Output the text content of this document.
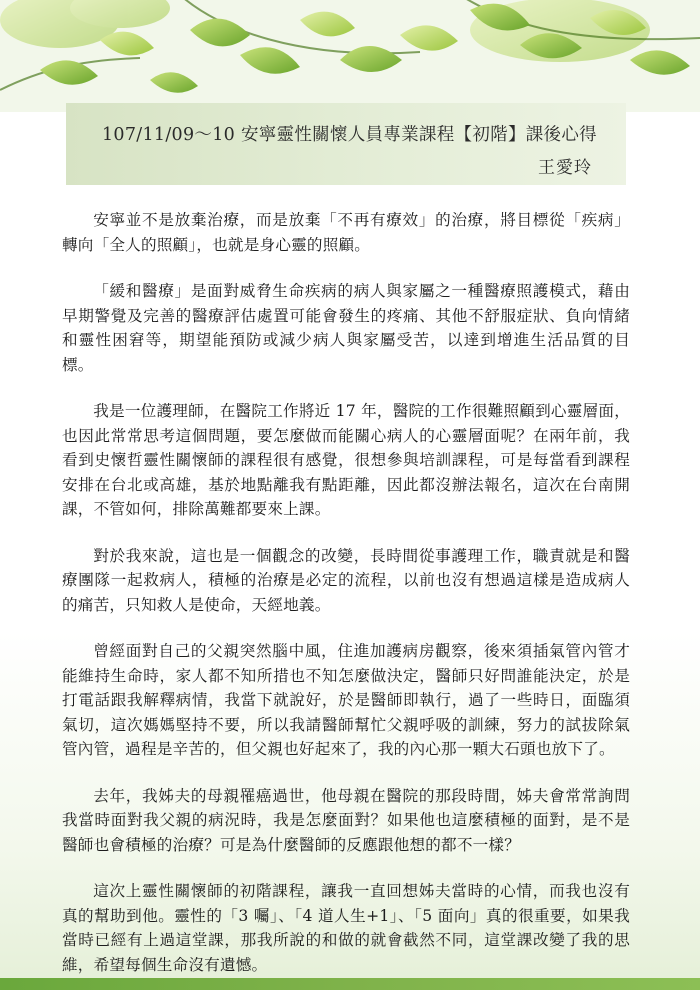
107/11/09～10 安寧靈性關懷人員專業課程【初階】課後心得
王愛玲

安寧並不是放棄治療，而是放棄「不再有療效」的治療，將目標從「疾病」轉向「全人的照顧」，也就是身心靈的照顧。

「緩和醫療」是面對威脅生命疾病的病人與家屬之一種醫療照護模式，藉由早期警覺及完善的醫療評估處置可能會發生的疼痛、其他不舒服症狀、負向情緒和靈性困窘等，期望能預防或減少病人與家屬受苦，以達到增進生活品質的目標。

我是一位護理師，在醫院工作將近 17 年，醫院的工作很難照顧到心靈層面，也因此常常思考這個問題，要怎麼做而能關心病人的心靈層面呢？在兩年前，我看到史懷哲靈性關懷師的課程很有感覺，很想參與培訓課程，可是每當看到課程安排在台北或高雄，基於地點離我有點距離，因此都沒辦法報名，這次在台南開課，不管如何，排除萬難都要來上課。

對於我來說，這也是一個觀念的改變，長時間從事護理工作，職責就是和醫療團隊一起救病人，積極的治療是必定的流程，以前也沒有想過這樣是造成病人的痛苦，只知救人是使命，天經地義。

曾經面對自己的父親突然腦中風，住進加護病房觀察，後來須插氣管內管才能維持生命時，家人都不知所措也不知怎麼做決定，醫師只好問誰能決定，於是打電話跟我解釋病情，我當下就說好，於是醫師即執行，過了一些時日，面臨須氣切，這次媽媽堅持不要，所以我請醫師幫忙父親呼吸的訓練，努力的試拔除氣管內管，過程是辛苦的，但父親也好起來了，我的內心那一顆大石頭也放下了。

去年，我姊夫的母親罹癌過世，他母親在醫院的那段時間，姊夫會常常詢問我當時面對我父親的病況時，我是怎麼面對？如果他也這麼積極的面對，是不是醫師也會積極的治療？可是為什麼醫師的反應跟他想的都不一樣？

這次上靈性關懷師的初階課程，讓我一直回想姊夫當時的心情，而我也沒有真的幫助到他。靈性的「3 囑」、「4 道人生+1」、「5 面向」真的很重要，如果我當時已經有上過這堂課，那我所說的和做的就會截然不同，這堂課改變了我的思維，希望每個生命沒有遺憾。
